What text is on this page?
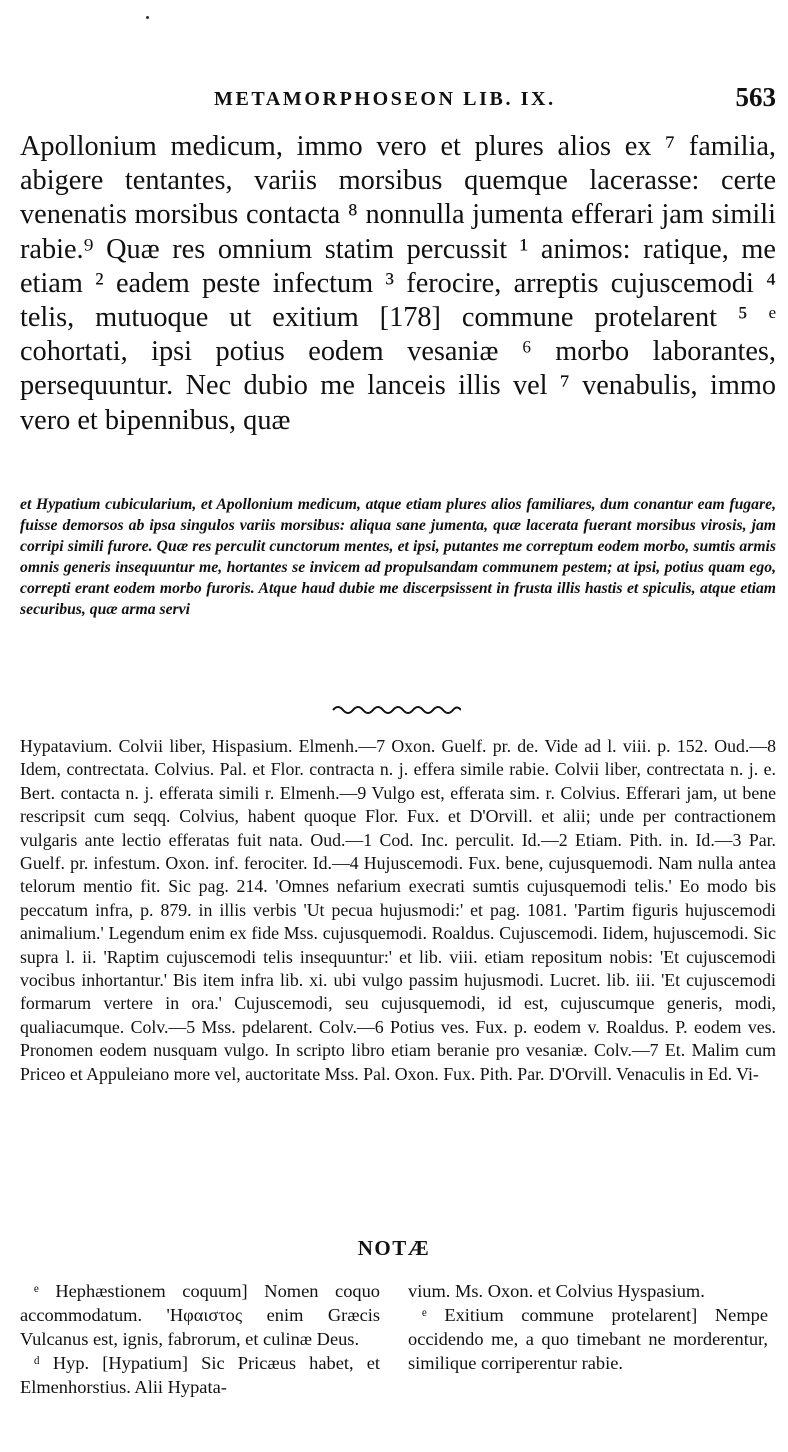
METAMORPHOSEON LIB. IX.	563

Apollonium medicum, immo vero et plures alios ex ⁷ familia, abigere tentantes, variis morsibus quemque lacerasse: certe venenatis morsibus contacta ⁸ nonnulla jumenta efferari jam simili rabie.⁹ Quæ res omnium statim percussit ¹ animos: ratique, me etiam ² eadem peste infectum ³ ferocire, arreptis cujuscemodi ⁴ telis, mutuoque ut exitium [178] commune protelarent ⁵ ᵉ cohortati, ipsi potius eodem vesaniæ ⁶ morbo laborantes, persequuntur. Nec dubio me lanceis illis vel ⁷ venabulis, immo vero et bipennibus, quæ

et Hypatium cubicularium, et Apollonium medicum, atque etiam plures alios familiares, dum conantur eam fugare, fuisse demorsos ab ipsa singulos variis morsibus: aliqua sane jumenta, quæ lacerata fuerant morsibus virosis, jam corripi simili furore. Quæ res perculit cunctorum mentes, et ipsi, putantes me correptum eodem morbo, sumtis armis omnis generis insequuntur me, hortantes se invicem ad propulsandam communem pestem; at ipsi, potius quam ego, correpti erant eodem morbo furoris. Atque haud dubie me discerpsissent in frusta illis hastis et spiculis, atque etiam securibus, quæ arma servi

Hypatavium. Colvii liber, Hispasium. Elmenh.—7 Oxon. Guelf. pr. de. Vide ad l. viii. p. 152. Oud.—8 Idem, contrectata. Colvius. Pal. et Flor. contracta n. j. effera simile rabie. Colvii liber, contrectata n. j. e. Bert. contacta n. j. efferata simili r. Elmenh.—9 Vulgo est, efferata sim. r. Colvius. Efferari jam, ut bene rescripsit cum seqq. Colvius, habent quoque Flor. Fux. et D'Orvill. et alii; unde per contractionem vulgaris ante lectio efferatas fuit nata. Oud.—1 Cod. Inc. perculit. Id.—2 Etiam. Pith. in. Id.—3 Par. Guelf. pr. infestum. Oxon. inf. ferociter. Id.—4 Hujuscemodi. Fux. bene, cujusquemodi. Nam nulla antea telorum mentio fit. Sic pag. 214. 'Omnes nefarium execrati sumtis cujusquemodi telis.' Eo modo bis peccatum infra, p. 879. in illis verbis 'Ut pecua hujusmodi:' et pag. 1081. 'Partim figuris hujuscemodi animalium.' Legendum enim ex fide Mss. cujusquemodi. Roaldus. Cujuscemodi. Iidem, hujuscemodi. Sic supra l. ii. 'Raptim cujuscemodi telis insequuntur:' et lib. viii. etiam repositum nobis: 'Et cujuscemodi vocibus inhortantur.' Bis item infra lib. xi. ubi vulgo passim hujusmodi. Lucret. lib. iii. 'Et cujuscemodi formarum vertere in ora.' Cujuscemodi, seu cujusquemodi, id est, cujuscumque generis, modi, qualiacumque. Colv.—5 Mss. pdelarent. Colv.—6 Potius ves. Fux. p. eodem v. Roaldus. P. eodem ves. Pronomen eodem nusquam vulgo. In scripto libro etiam beranie pro vesaniæ. Colv.—7 Et. Malim cum Priceo et Appuleiano more vel, auctoritate Mss. Pal. Oxon. Fux. Pith. Par. D'Orvill. Venaculis in Ed. Vi-

NOTÆ

ᵉ Hephæstionem coquum] Nomen coquo accommodatum. 'Ηφαιστος enim Græcis Vulcanus est, ignis, fabrorum, et culinæ Deus.

ᵈ Hyp. [Hypatium] Sic Pricæus habet, et Elmenhorstius. Alii Hypata-

vium. Ms. Oxon. et Colvius Hyspasium.

ᵉ Exitium commune protelarent] Nempe occidendo me, a quo timebant ne morderentur, similique corriperentur rabie.
